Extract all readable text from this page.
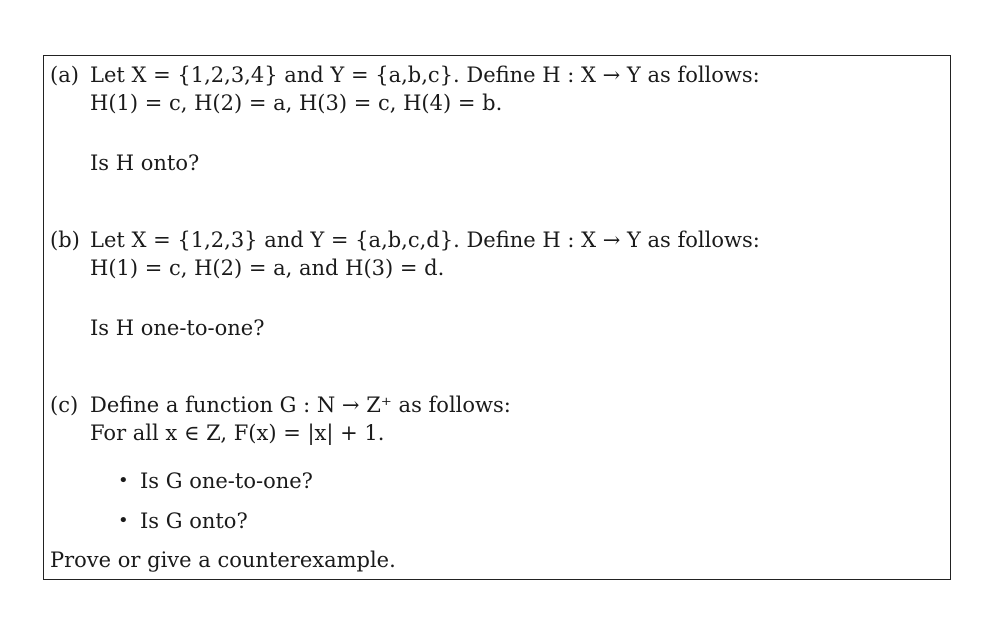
(a) Let X = {1,2,3,4} and Y = {a,b,c}. Define H : X → Y as follows:
H(1) = c, H(2) = a, H(3) = c, H(4) = b.
Is H onto?
(b) Let X = {1,2,3} and Y = {a,b,c,d}. Define H : X → Y as follows:
H(1) = c, H(2) = a, and H(3) = d.
Is H one-to-one?
(c) Define a function G : N → Z⁺ as follows:
For all x ∈ Z, F(x) = |x| + 1.
• Is G one-to-one?
• Is G onto?
Prove or give a counterexample.
